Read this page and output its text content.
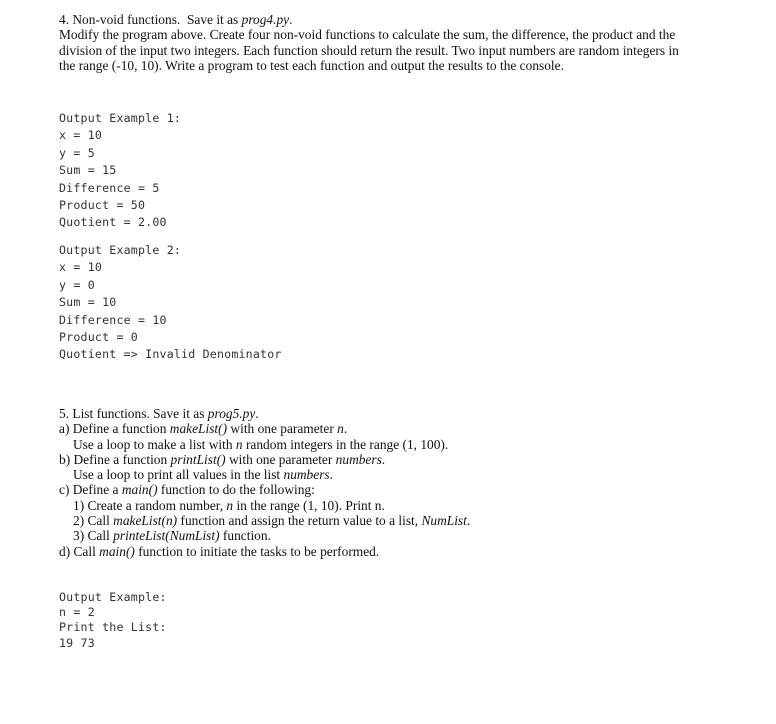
4. Non-void functions.  Save it as prog4.py.

Modify the program above. Create four non-void functions to calculate the sum, the difference, the product and the division of the input two integers. Each function should return the result. Two input numbers are random integers in the range (-10, 10). Write a program to test each function and output the results to the console.

Output Example 1:
x = 10
y = 5
Sum = 15
Difference = 5
Product = 50
Quotient = 2.00
Output Example 2:
x = 10
y = 0
Sum = 10
Difference = 10
Product = 0
Quotient => Invalid Denominator
5. List functions. Save it as prog5.py.
a) Define a function makeList() with one parameter n.
Use a loop to make a list with n random integers in the range (1, 100).
b) Define a function printList() with one parameter numbers.
Use a loop to print all values in the list numbers.
c) Define a main() function to do the following:
1) Create a random number, n in the range (1, 10). Print n.
2) Call makeList(n) function and assign the return value to a list, NumList.
3) Call printeList(NumList) function.
d) Call main() function to initiate the tasks to be performed.
Output Example:
n = 2
Print the List:
19 73
